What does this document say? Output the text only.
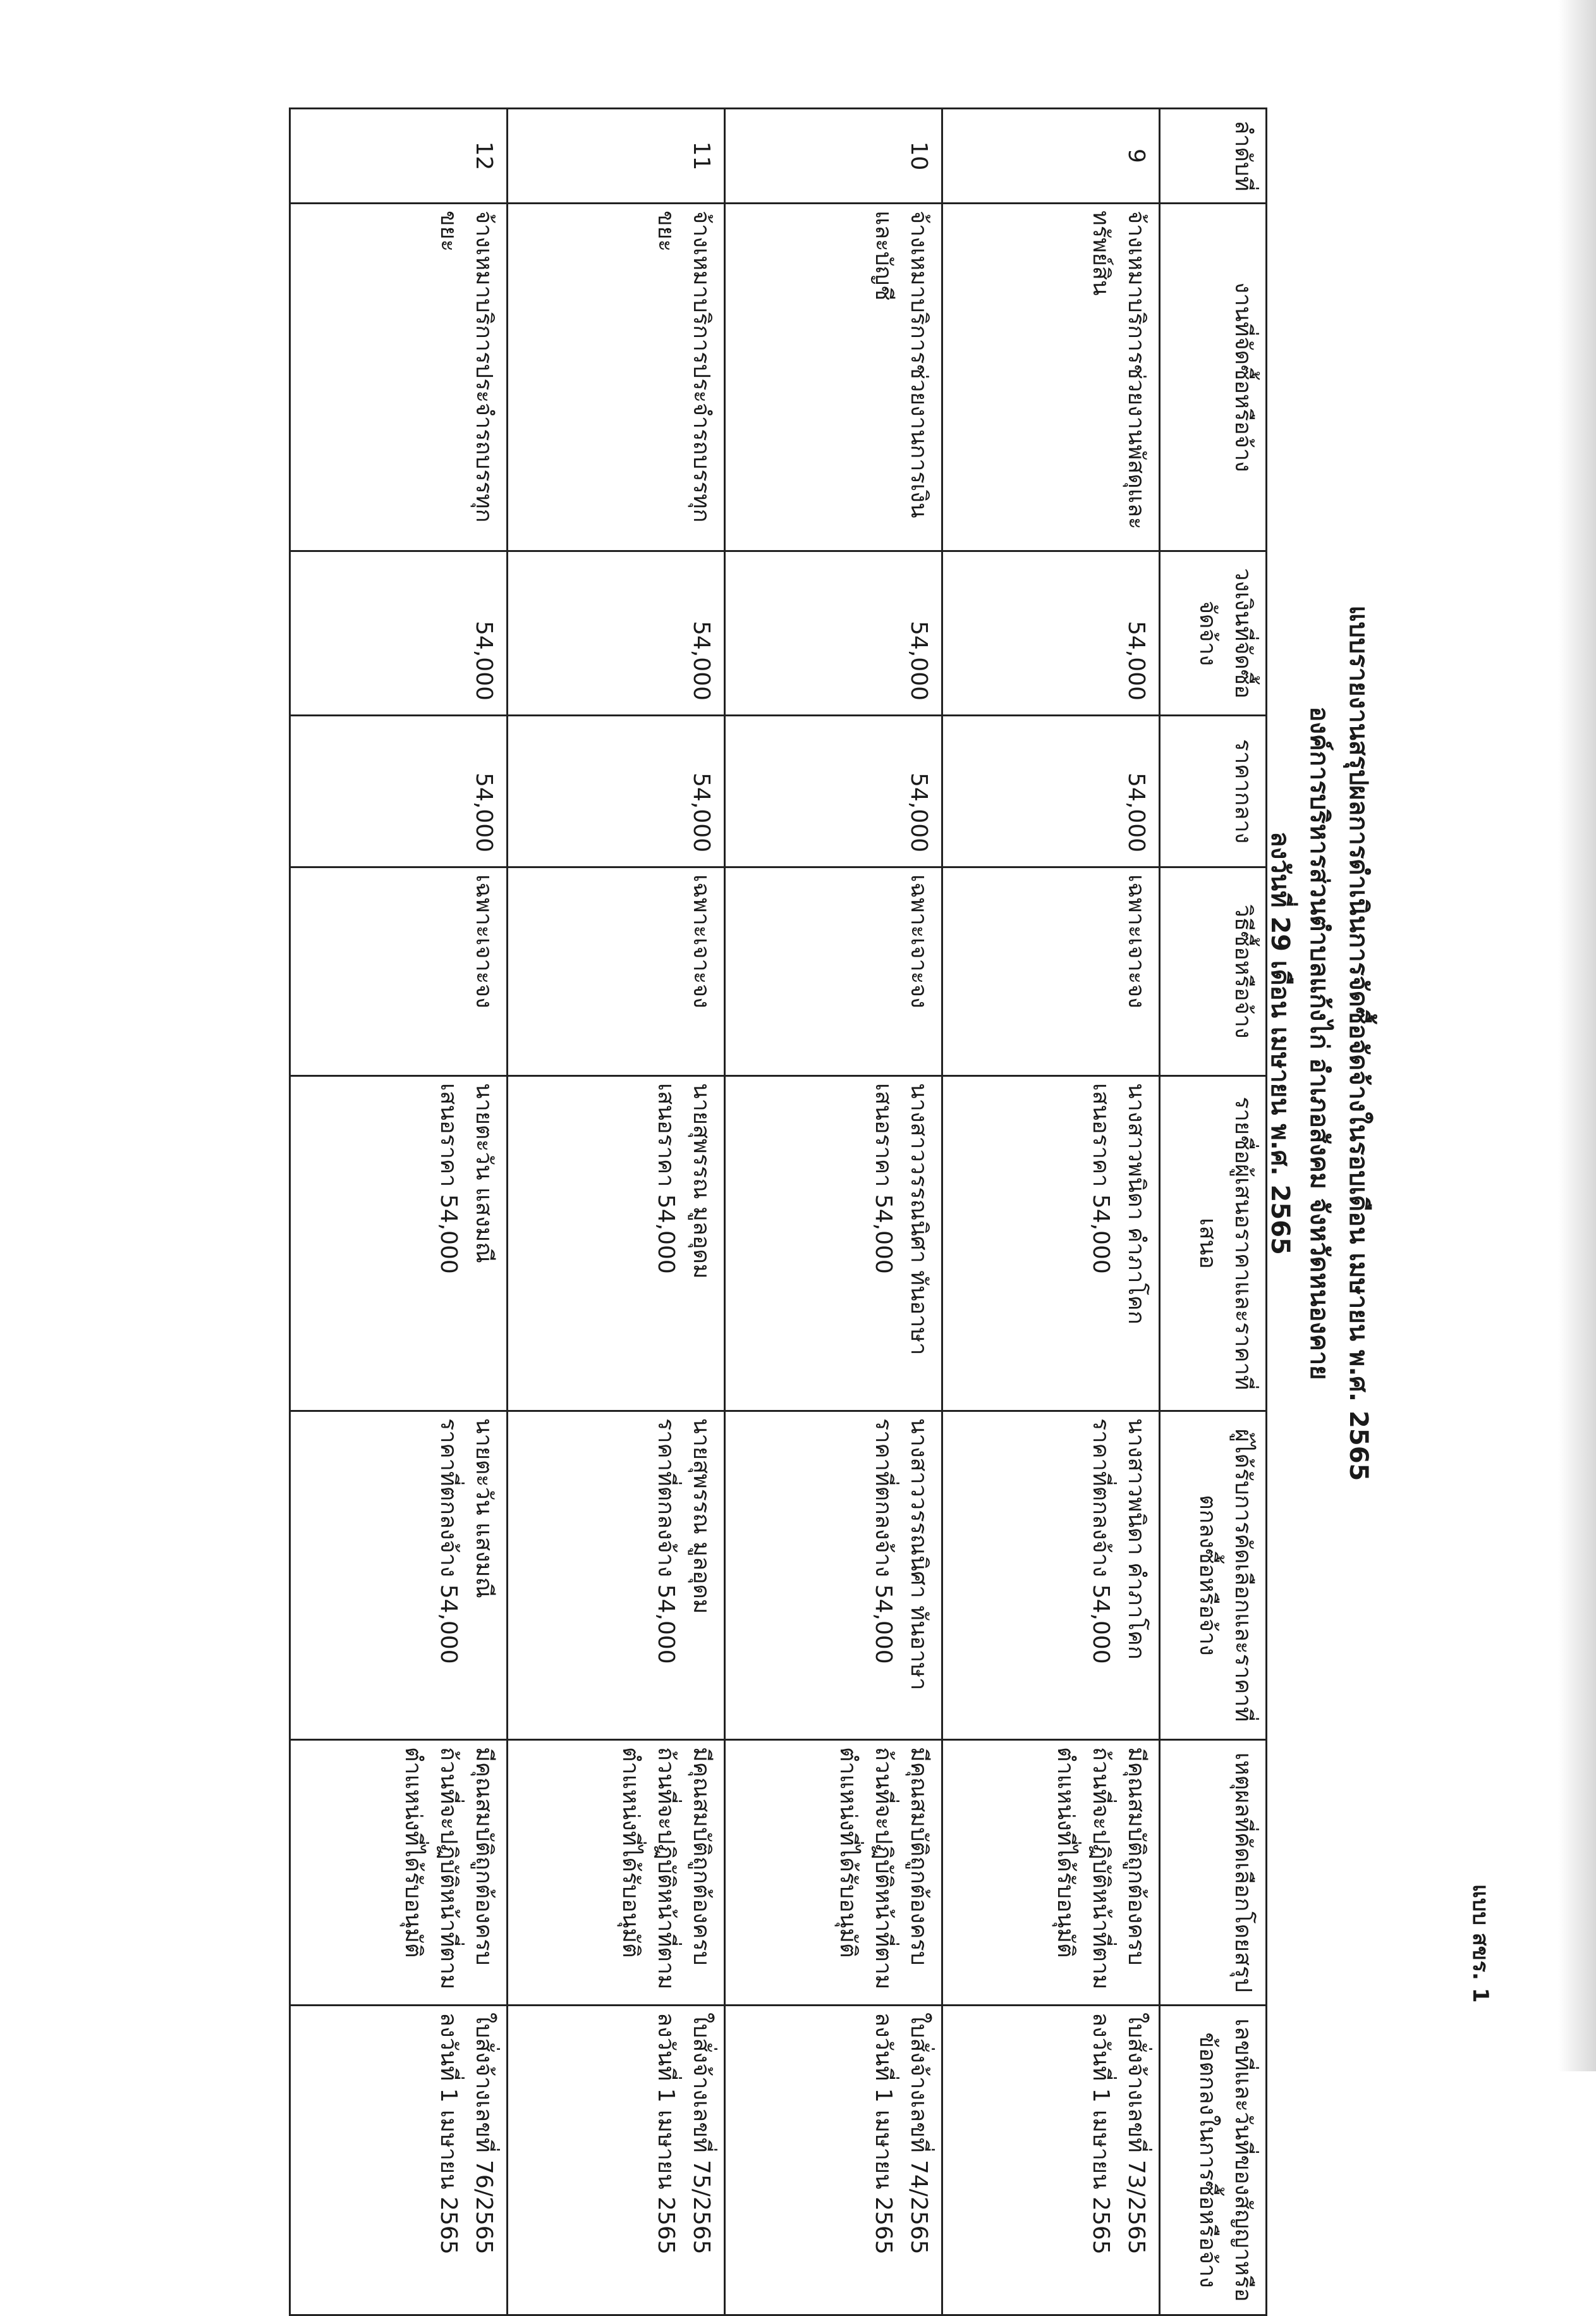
แบบ สขร. 1
แบบรายงานสรุปผลการดำเนินการจัดซื้อจัดจ้างในรอบเดือน เมษายน พ.ศ. 2565
องค์การบริหารส่วนตำบลแก้งไก่ อำเภอสังคม จังหวัดหนองคาย
ลงวันที่ 29 เดือน เมษายน พ.ศ. 2565
ลำดับที่	งานที่จัดซื้อหรือจ้าง	วงเงินที่จัดซื้อจัดจ้าง	ราคากลาง	วิธีซื้อหรือจ้าง	รายชื่อผู้เสนอราคาและราคาที่เสนอ	ผู้ได้รับการคัดเลือกและราคาที่ตกลงซื้อหรือจ้าง	เหตุผลที่คัดเลือกโดยสรุป	เลขที่และวันที่ของสัญญาหรือข้อตกลงในการซื้อหรือจ้าง
9	จ้างเหมาบริการช่วยงานพัสดุและทรัพย์สิน	54,000	54,000	เฉพาะเจาะจง	นางสาวพนิดา คำภาโคก
เสนอราคา 54,000	นางสาวพนิดา คำภาโคก
ราคาที่ตกลงจ้าง 54,000	มีคุณสมบัติถูกต้องครบถ้วนที่จะปฏิบัติหน้าที่ตามตำแหน่งที่ได้รับอนุมัติ	ใบสั่งจ้างเลขที่ 73/2565
ลงวันที่ 1 เมษายน 2565

10	จ้างเหมาบริการช่วยงานการเงินและบัญชี	54,000	54,000	เฉพาะเจาะจง	นางสาววรรณนิศา ทันอาษา
เสนอราคา 54,000	นางสาววรรณนิศา ทันอาษา
ราคาที่ตกลงจ้าง 54,000	มีคุณสมบัติถูกต้องครบถ้วนที่จะปฏิบัติหน้าที่ตามตำแหน่งที่ได้รับอนุมัติ	ใบสั่งจ้างเลขที่ 74/2565
ลงวันที่ 1 เมษายน 2565

11	จ้างเหมาบริการประจำรถบรรทุกขยะ	54,000	54,000	เฉพาะเจาะจง	นายสุพรรณ มูลอุดม
เสนอราคา 54,000	นายสุพรรณ มูลอุดม
ราคาที่ตกลงจ้าง 54,000	มีคุณสมบัติถูกต้องครบถ้วนที่จะปฏิบัติหน้าที่ตามตำแหน่งที่ได้รับอนุมัติ	ใบสั่งจ้างเลขที่ 75/2565
ลงวันที่ 1 เมษายน 2565

12	จ้างเหมาบริการประจำรถบรรทุกขยะ	54,000	54,000	เฉพาะเจาะจง	นายตะวัน แสงมณี
เสนอราคา 54,000	นายตะวัน แสงมณี
ราคาที่ตกลงจ้าง 54,000	มีคุณสมบัติถูกต้องครบถ้วนที่จะปฏิบัติหน้าที่ตามตำแหน่งที่ได้รับอนุมัติ	ใบสั่งจ้างเลขที่ 76/2565
ลงวันที่ 1 เมษายน 2565
